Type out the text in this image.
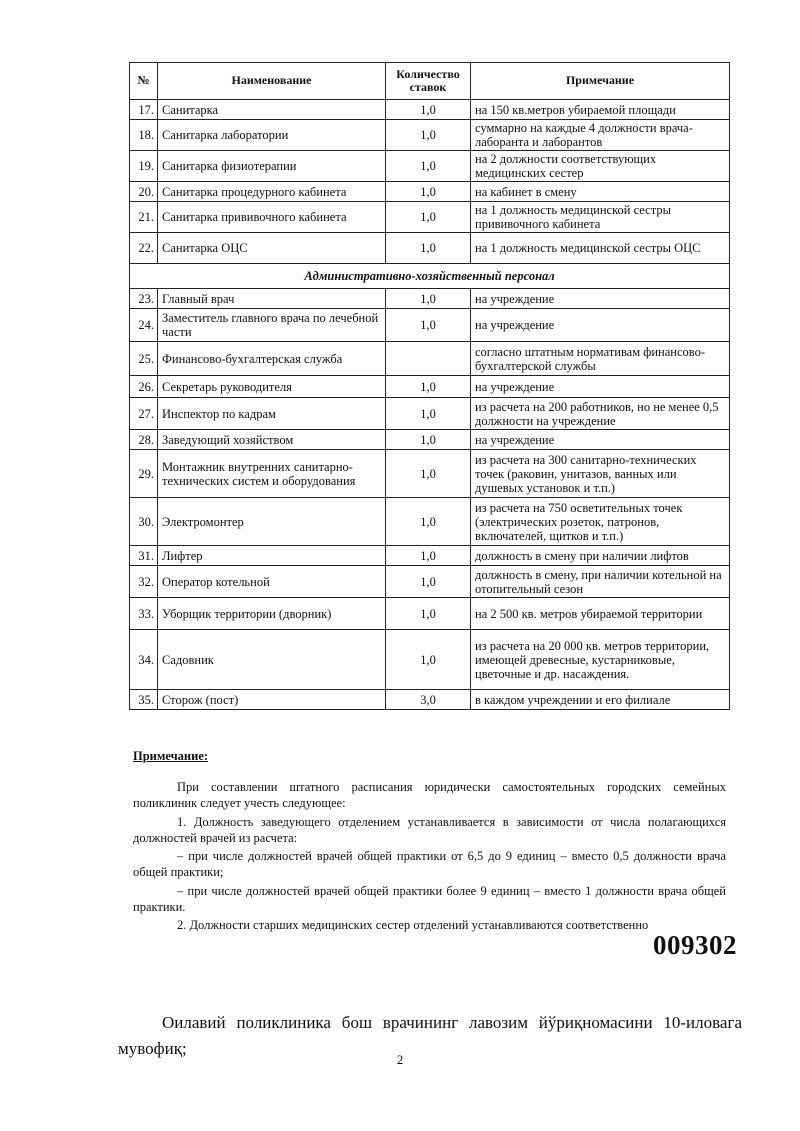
№	Наименование	Количество ставок	Примечание
17.	Санитарка	1,0	на 150 кв.метров убираемой площади
18.	Санитарка лаборатории	1,0	суммарно на каждые 4 должности врача-лаборанта и лаборантов
19.	Санитарка физиотерапии	1,0	на 2 должности соответствующих медицинских сестер
20.	Санитарка процедурного кабинета	1,0	на кабинет в смену
21.	Санитарка прививочного кабинета	1,0	на 1 должность медицинской сестры прививочного кабинета
22.	Санитарка ОЦС	1,0	на 1 должность медицинской сестры ОЦС
Административно-хозяйственный персонал			
23.	Главный врач	1,0	на учреждение
24.	Заместитель главного врача по лечебной части	1,0	на учреждение
25.	Финансово-бухгалтерская служба		согласно штатным нормативам финансово-бухгалтерской службы
26.	Секретарь руководителя	1,0	на учреждение
27.	Инспектор по кадрам	1,0	из расчета на 200 работников, но не менее 0,5 должности на учреждение
28.	Заведующий хозяйством	1,0	на учреждение
29.	Монтажник внутренних санитарно-технических систем и оборудования	1,0	из расчета на 300 санитарно-технических точек (раковин, унитазов, ванных или душевых установок и т.п.)
30.	Электромонтер	1,0	из расчета на 750 осветительных точек (электрических розеток, патронов, включателей, щитков и т.п.)
31.	Лифтер	1,0	должность в смену при наличии лифтов
32.	Оператор котельной	1,0	должность в смену, при наличии котельной на отопительный сезон
33.	Уборщик территории (дворник)	1,0	на 2 500 кв. метров убираемой территории
34.	Садовник	1,0	из расчета на 20 000 кв. метров территории, имеющей древесные, кустарниковые, цветочные и др. насаждения.
35.	Сторож (пост)	3,0	в каждом учреждении и его филиале
Примечание:

При составлении штатного расписания юридически самостоятельных городских семейных поликлиник следует учесть следующее:

1. Должность заведующего отделением устанавливается в зависимости от числа полагающихся должностей врачей из расчета:

– при числе должностей врачей общей практики от 6,5 до 9 единиц – вместо 0,5 должности врача общей практики;

– при числе должностей врачей общей практики более 9 единиц – вместо 1 должности врача общей практики.

2. Должности старших медицинских сестер отделений устанавливаются соответственно

009302
Оилавий поликлиника бош врачининг лавозим йўриқномасини 10-иловага мувофиқ;
2
